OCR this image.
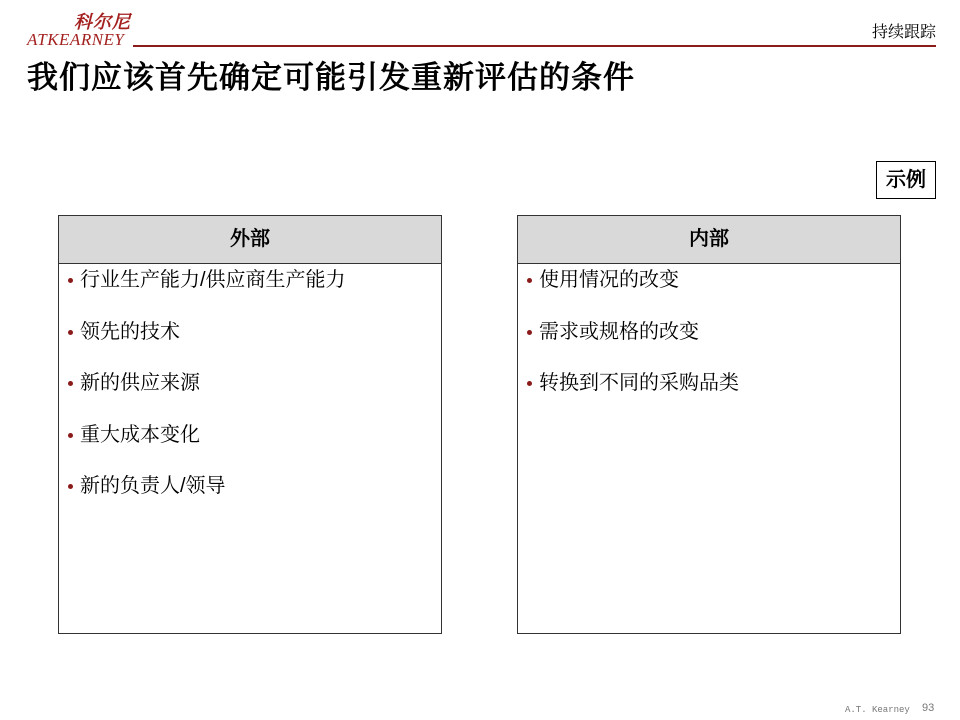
科尔尼
ATKEARNEY	持续跟踪
我们应该首先确定可能引发重新评估的条件
示例
外部
行业生产能力/供应商生产能力
领先的技术
新的供应来源
重大成本变化
新的负责人/领导
内部
使用情况的改变
需求或规格的改变
转换到不同的采购品类
A.T. Kearney 93
